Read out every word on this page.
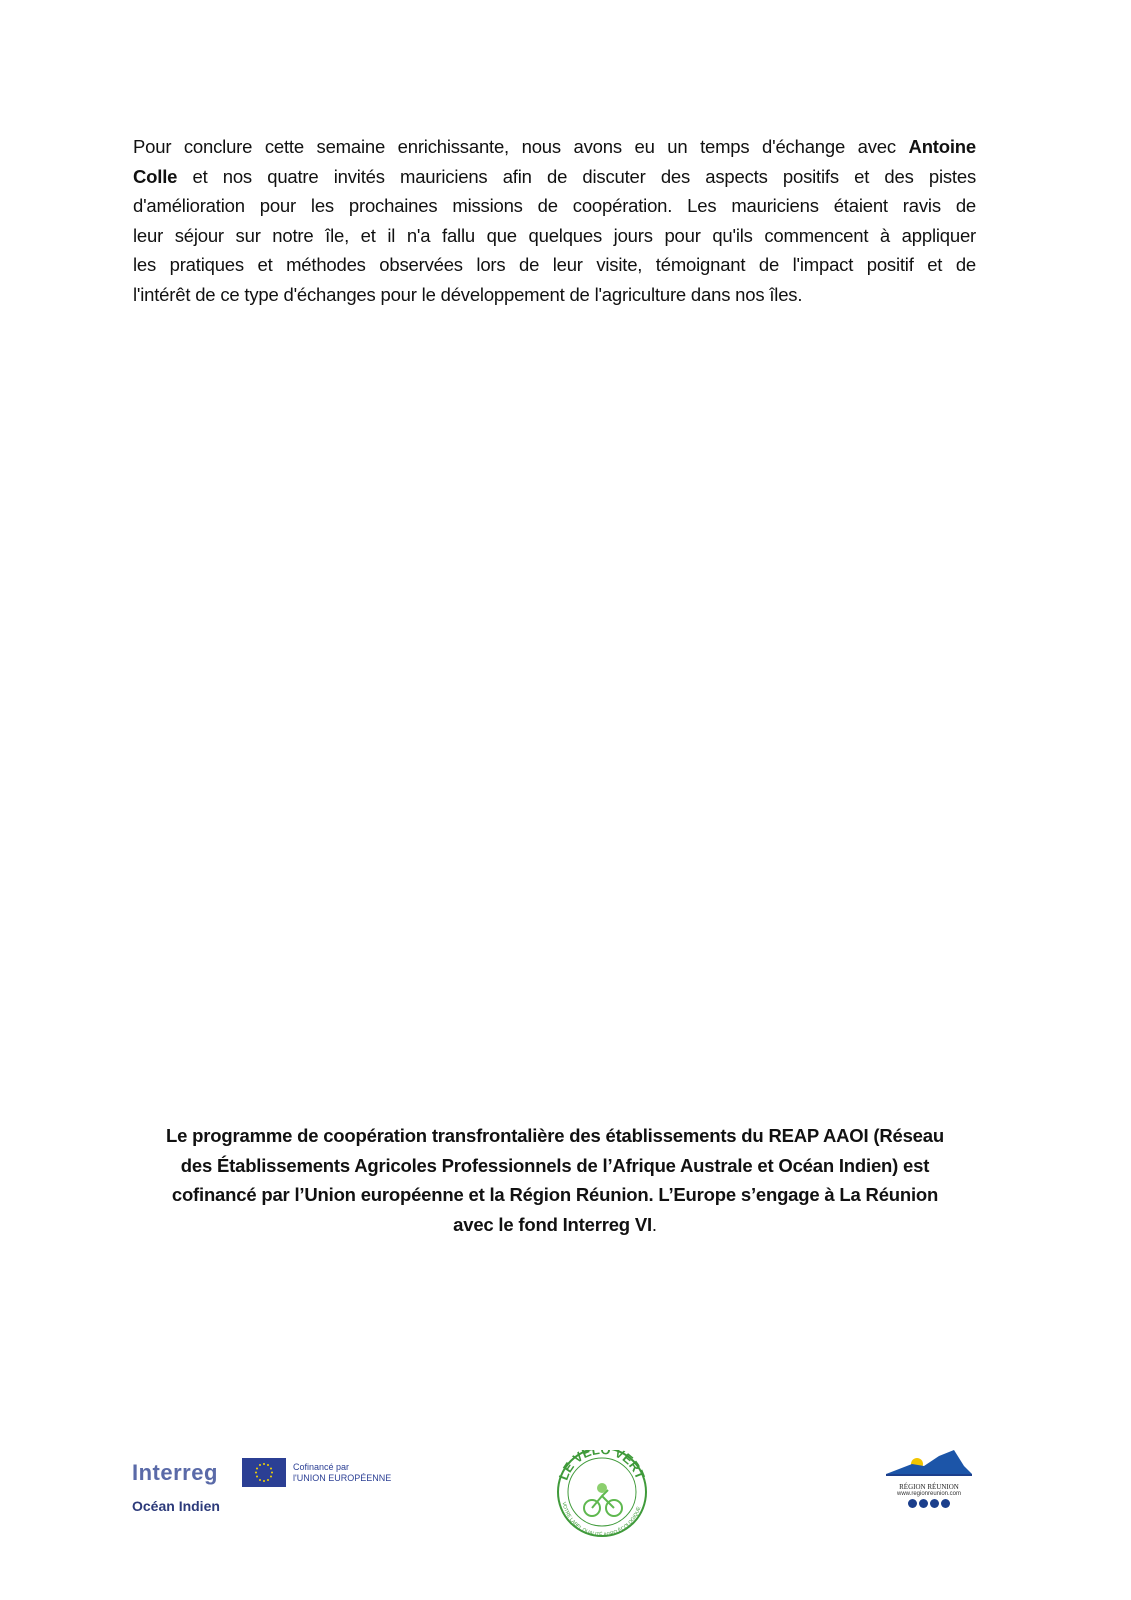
Pour conclure cette semaine enrichissante, nous avons eu un temps d'échange avec Antoine
Colle et nos quatre invités mauriciens afin de discuter des aspects positifs et des pistes
d'amélioration pour les prochaines missions de coopération. Les mauriciens étaient ravis de
leur séjour sur notre île, et il n'a fallu que quelques jours pour qu'ils commencent à appliquer
les pratiques et méthodes observées lors de leur visite, témoignant de l'impact positif et de
l'intérêt de ce type d'échanges pour le développement de l'agriculture dans nos îles.
Le programme de coopération transfrontalière des établissements du REAP AAOI (Réseau
des Établissements Agricoles Professionnels de l’Afrique Australe et Océan Indien) est
cofinancé par l’Union européenne et la Région Réunion. L’Europe s’engage à La Réunion
avec le fond Interreg VI.
Interreg
Océan Indien
Cofinancé par
l'UNION EUROPÉENNE	LE VEL VERT
VOTRE LABEL QUALITÉ AGRO ÉCOLOGIQUE
RÉGION RÉUNION
www.regionreunion.com
